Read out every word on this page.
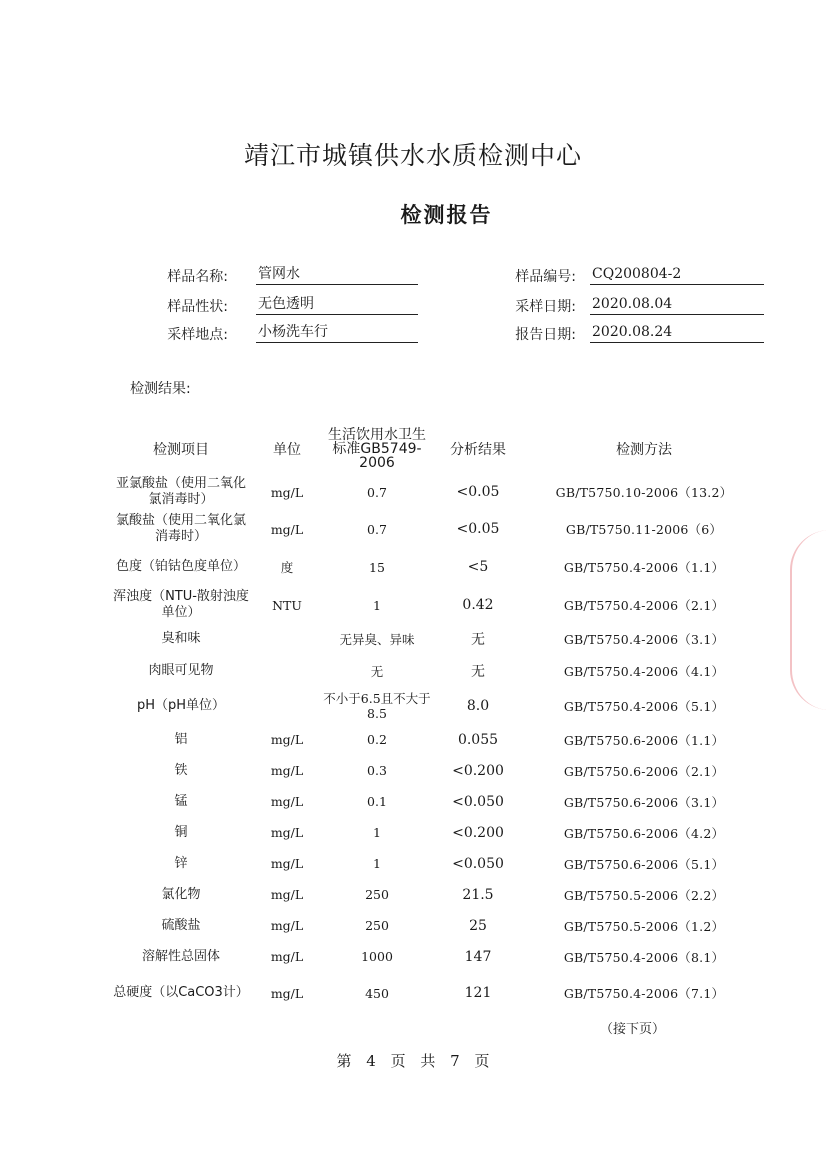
靖江市城镇供水水质检测中心
检测报告
样品名称: 管网水
样品性状: 无色透明
采样地点: 小杨洗车行
样品编号: CQ200804-2
采样日期: 2020.08.04
报告日期: 2020.08.24
检测结果:
检测项目	单位	生活饮用水卫生标准GB5749-2006	分析结果	检测方法
亚氯酸盐（使用二氧化氯消毒时）	mg/L	0.7	<0.05	GB/T5750.10-2006（13.2）
氯酸盐（使用二氧化氯消毒时）	mg/L	0.7	<0.05	GB/T5750.11-2006（6）
色度（铂钴色度单位）	度	15	<5	GB/T5750.4-2006（1.1）
浑浊度（NTU-散射浊度单位）	NTU	1	0.42	GB/T5750.4-2006（2.1）
臭和味		无异臭、异味	无	GB/T5750.4-2006（3.1）
肉眼可见物		无	无	GB/T5750.4-2006（4.1）
pH（pH单位）		不小于6.5且不大于8.5	8.0	GB/T5750.4-2006（5.1）
铝	mg/L	0.2	0.055	GB/T5750.6-2006（1.1）
铁	mg/L	0.3	<0.200	GB/T5750.6-2006（2.1）
锰	mg/L	0.1	<0.050	GB/T5750.6-2006（3.1）
铜	mg/L	1	<0.200	GB/T5750.6-2006（4.2）
锌	mg/L	1	<0.050	GB/T5750.6-2006（5.1）
氯化物	mg/L	250	21.5	GB/T5750.5-2006（2.2）
硫酸盐	mg/L	250	25	GB/T5750.5-2006（1.2）
溶解性总固体	mg/L	1000	147	GB/T5750.4-2006（8.1）
总硬度（以CaCO3计）	mg/L	450	121	GB/T5750.4-2006（7.1）
（接下页）
第 4 页 共 7 页
